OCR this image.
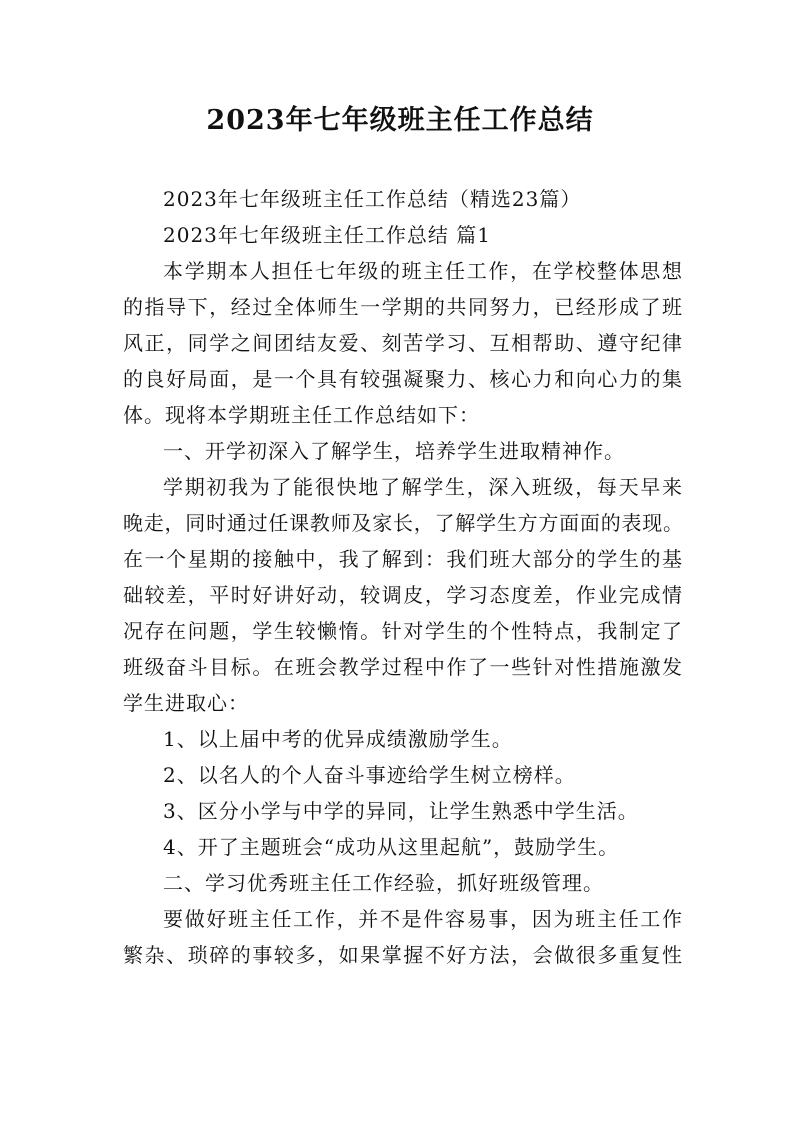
2023年七年级班主任工作总结
2023年七年级班主任工作总结（精选23篇）
2023年七年级班主任工作总结 篇1
本学期本人担任七年级的班主任工作，在学校整体思想
的指导下，经过全体师生一学期的共同努力，已经形成了班
风正，同学之间团结友爱、刻苦学习、互相帮助、遵守纪律
的良好局面，是一个具有较强凝聚力、核心力和向心力的集
体。现将本学期班主任工作总结如下：
一、开学初深入了解学生，培养学生进取精神作。
学期初我为了能很快地了解学生，深入班级，每天早来
晚走，同时通过任课教师及家长，了解学生方方面面的表现。
在一个星期的接触中，我了解到：我们班大部分的学生的基
础较差，平时好讲好动，较调皮，学习态度差，作业完成情
况存在问题，学生较懒惰。针对学生的个性特点，我制定了
班级奋斗目标。在班会教学过程中作了一些针对性措施激发
学生进取心：
1、以上届中考的优异成绩激励学生。
2、以名人的个人奋斗事迹给学生树立榜样。
3、区分小学与中学的异同，让学生熟悉中学生活。
4、开了主题班会“成功从这里起航”，鼓励学生。
二、学习优秀班主任工作经验，抓好班级管理。
要做好班主任工作，并不是件容易事，因为班主任工作
繁杂、琐碎的事较多，如果掌握不好方法，会做很多重复性
